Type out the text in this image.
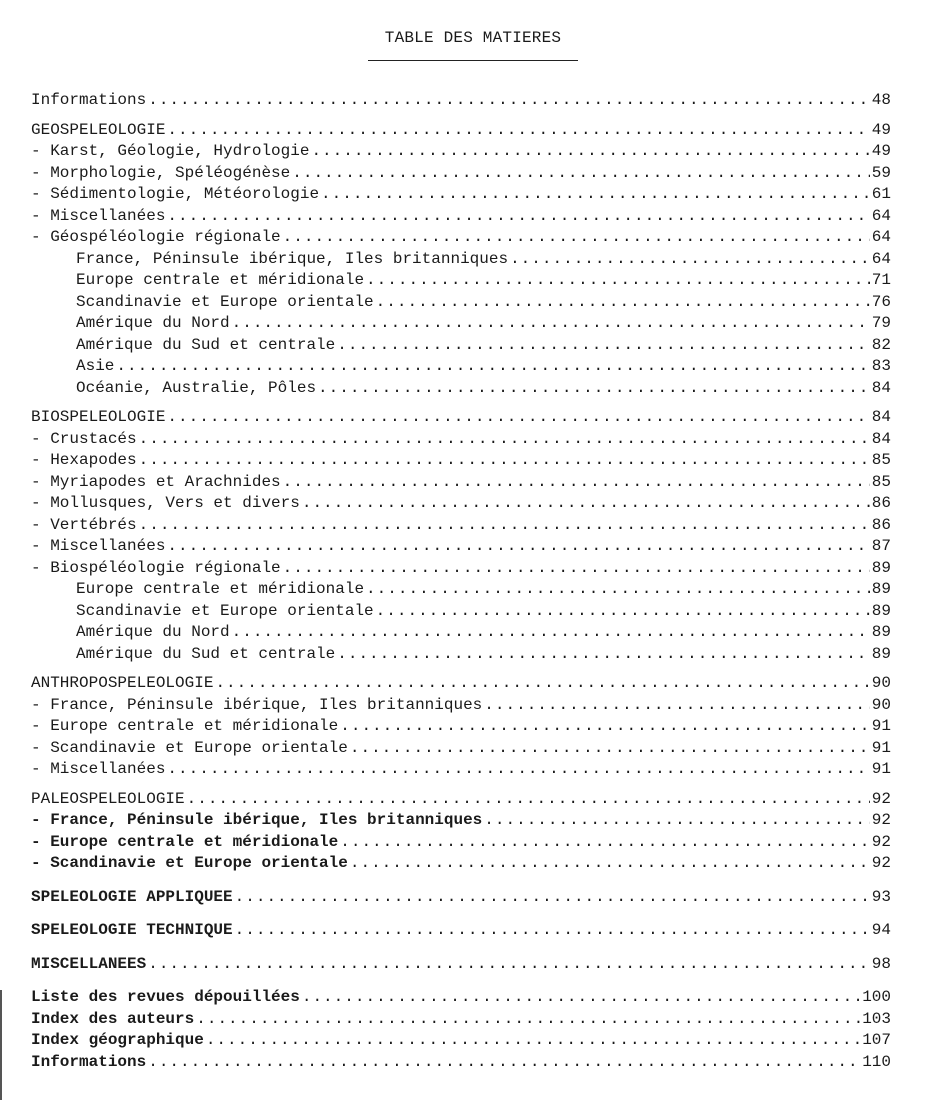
TABLE DES MATIERES
Informations . . .	48
GEOSPELEOLOGIE . . .	49
- Karst, Géologie, Hydrologie . . .	49
- Morphologie, Spéléogénèse . . .	59
- Sédimentologie, Météorologie . . .	61
- Miscellanées . . .	64
- Géospéléologie régionale . . .	64
France, Péninsule ibérique, Iles britanniques . . .	64
Europe centrale et méridionale . . .	71
Scandinavie et Europe orientale . . .	76
Amérique du Nord . . .	79
Amérique du Sud et centrale . . .	82
Asie . . .	83
Océanie, Australie, Pôles . . .	84
BIOSPELEOLOGIE . . .	84
- Crustacés . . .	84
- Hexapodes . . .	85
- Myriapodes et Arachnides . . .	85
- Mollusques, Vers et divers . . .	86
- Vertébrés . . .	86
- Miscellanées . . .	87
- Biospéléologie régionale . . .	89
Europe centrale et méridionale . . .	89
Scandinavie et Europe orientale . . .	89
Amérique du Nord . . .	89
Amérique du Sud et centrale . . .	89
ANTHROPOSPELEOLOGIE . . .	90
- France, Péninsule ibérique, Iles britanniques . . .	90
- Europe centrale et méridionale . . .	91
- Scandinavie et Europe orientale . . .	91
- Miscellanées . . .	91
PALEOSPELEOLOGIE . . .	92
- France, Péninsule ibérique, Iles britanniques . . .	92
- Europe centrale et méridionale . . .	92
- Scandinavie et Europe orientale . . .	92
SPELEOLOGIE APPLIQUEE . . .	93
SPELEOLOGIE TECHNIQUE . . .	94
MISCELLANEES . . .	98
Liste des revues dépouillées . . .	100
Index des auteurs . . .	103
Index géographique . . .	107
Informations . . .	110
